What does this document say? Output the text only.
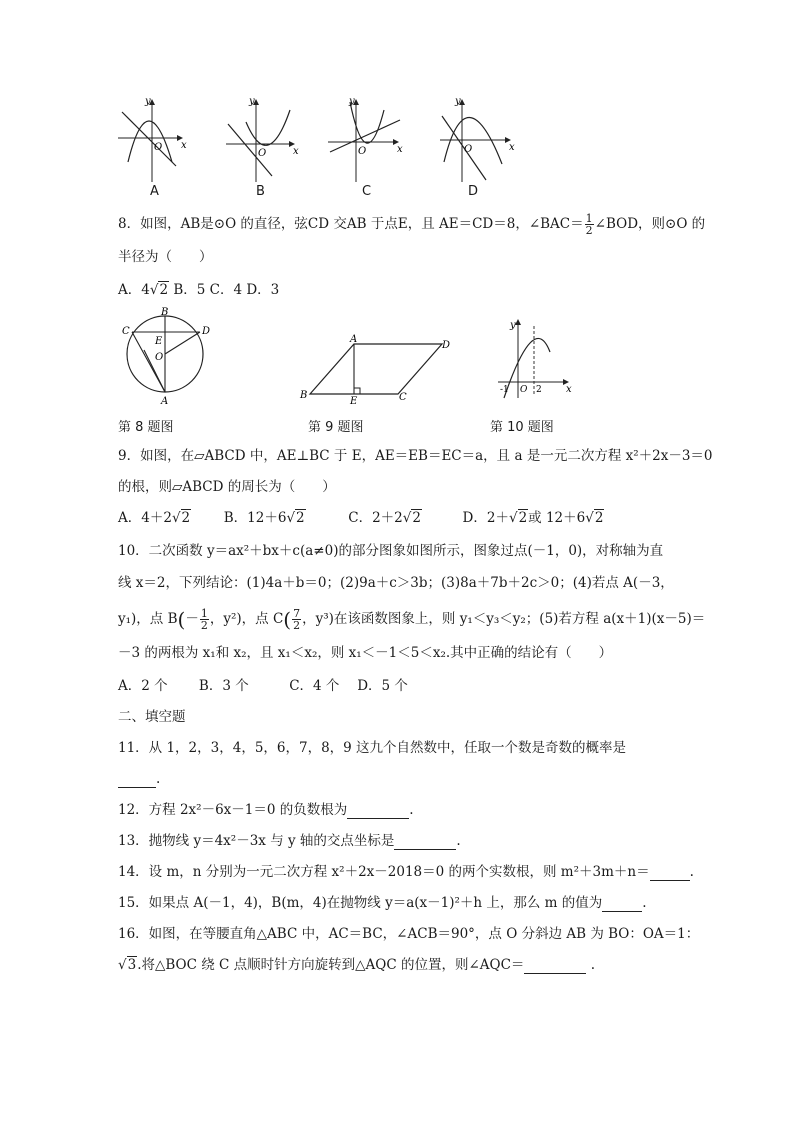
y
x
O
y
x
O
y
x
O
y
x
O
A	B	C	D
8．如图，AB是⊙O 的直径，弦CD 交AB 于点E，且 AE＝CD＝8，∠BAC＝ $\frac{1}{2}$ ∠BOD，则⊙O 的
半径为（　　）
A．4√2 B．5 C．4 D．3
B
C	D
E
O
A
A
D
B
E	C
y
x
-1 O 2
第 8 题图	第 9 题图	第 10 题图
9．如图，在▱ABCD 中，AE⊥BC 于 E，AE＝EB＝EC＝a，且 a 是一元二次方程 x²＋2x－3＝0
的根，则▱ABCD 的周长为（　　）
A．4＋2√2 B．12＋6√2	C．2＋2√2	D．2＋√2或 12＋6√2
10．二次函数 y＝ax²＋bx＋c(a≠0)的部分图象如图所示，图象过点(－1，0)，对称轴为直
线 x＝2，下列结论：(1)4a＋b＝0；(2)9a＋c＞3b；(3)8a＋7b＋2c＞0；(4)若点 A(－3，
y₁)，点 $B(- \frac{1}{2}$ ，y²)，点 $C( \frac{7}{2}$ ，y³)在该函数图象上，则 y₁＜y₃＜y₂；(5)若方程 a(x＋1)(x－5)＝
－3 的两根为 x₁和 x₂，且 x₁＜x₂，则 x₁＜－1＜5＜x₂.其中正确的结论有（　　）
A．2 个　　 B．3 个　　　C．4 个　 D．5 个
二、填空题
11．从 1，2，3，4，5，6，7，8，9 这九个自然数中，任取一个数是奇数的概率是
.
12．方程 2x²－6x－1＝0 的负数根为	.
13．抛物线 y＝4x²－3x 与 y 轴的交点坐标是	.
14．设 m，n 分别为一元二次方程 x²＋2x－2018＝0 的两个实数根，则 m²＋3m＋n＝	.
15．如果点 A(－1，4)，B(m，4)在抛物线 y＝a(x－1)²＋h 上，那么 m 的值为	.
16．如图，在等腰直角△ABC 中，AC＝BC，∠ACB＝90°，点 O 分斜边 AB 为 BO：OA＝1：
√3.将△BOC 绕 C 点顺时针方向旋转到△AQC 的位置，则∠AQC＝	.
